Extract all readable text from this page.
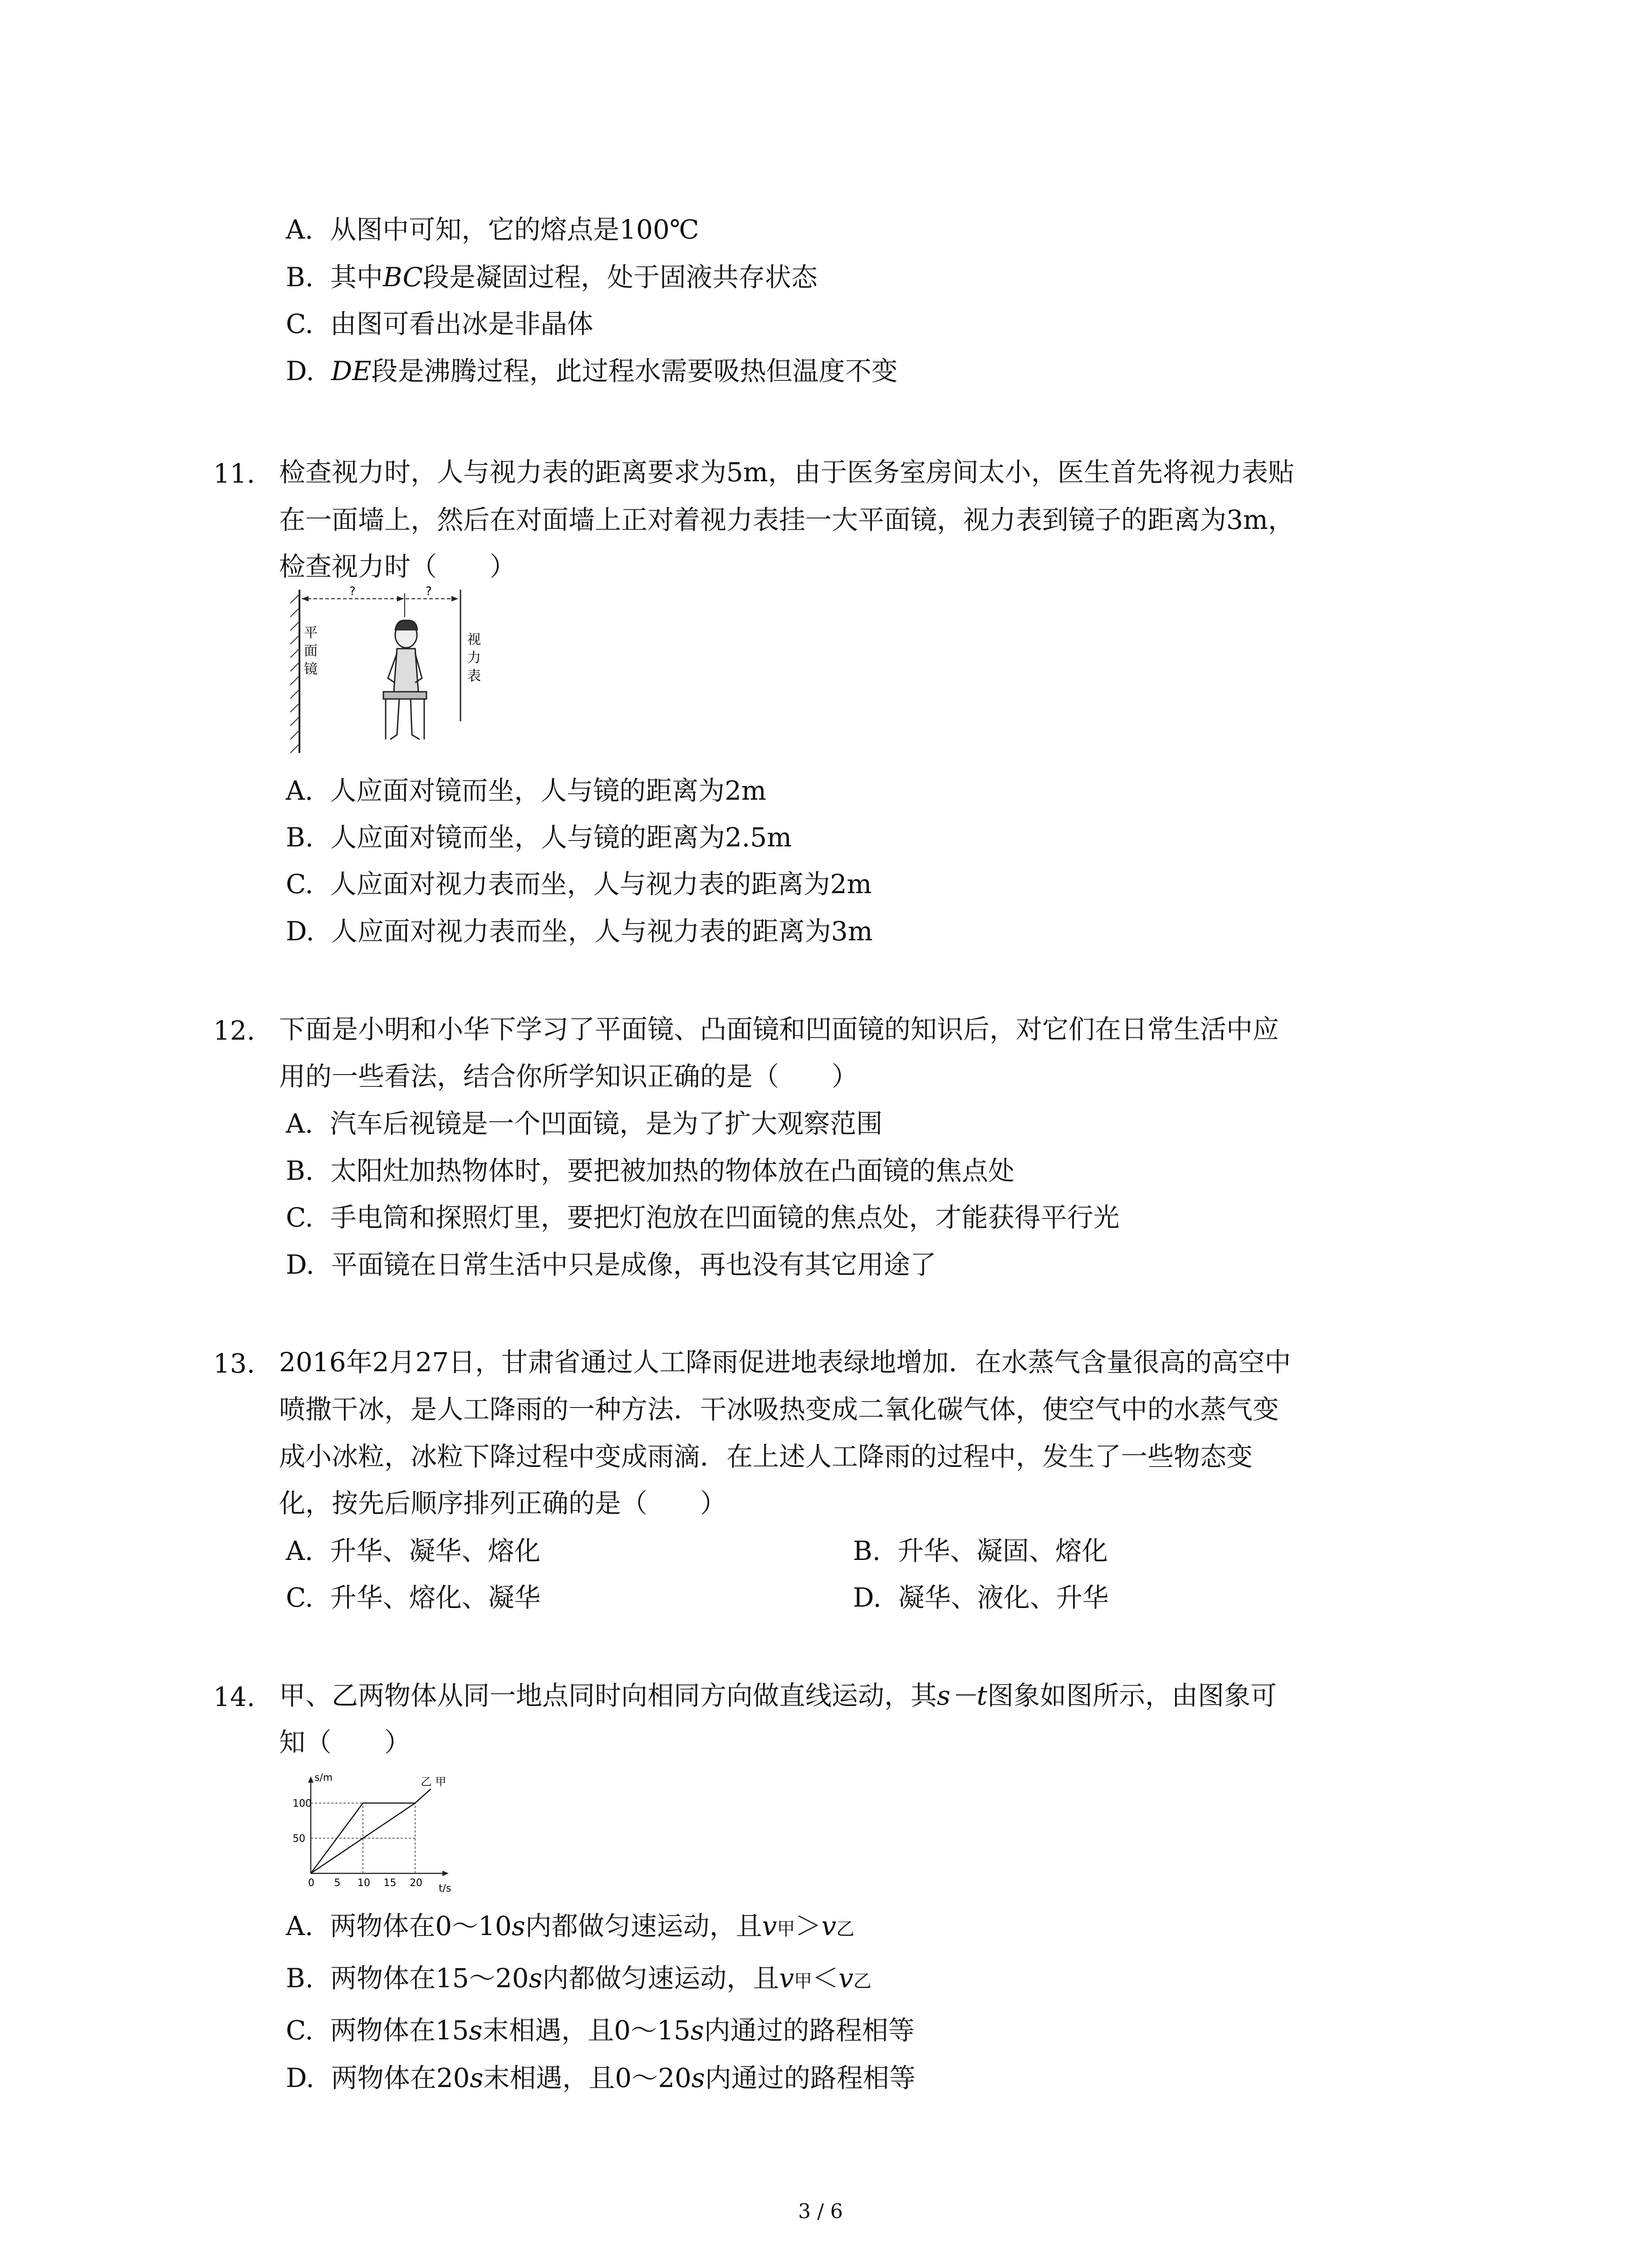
A. 从图中可知，它的熔点是100℃
B. 其中BC段是凝固过程，处于固液共存状态
C. 由图可看出冰是非晶体
D. DE段是沸腾过程，此过程水需要吸热但温度不变
11. 检查视力时，人与视力表的距离要求为5m，由于医务室房间太小，医生首先将视力表贴
在一面墙上，然后在对面墙上正对着视力表挂一大平面镜，视力表到镜子的距离为3m，
检查视力时（　　）
?	?
平
面
镜
视
力
表
A. 人应面对镜而坐，人与镜的距离为2m
B. 人应面对镜而坐，人与镜的距离为2.5m
C. 人应面对视力表而坐，人与视力表的距离为2m
D. 人应面对视力表而坐，人与视力表的距离为3m
12. 下面是小明和小华下学习了平面镜、凸面镜和凹面镜的知识后，对它们在日常生活中应
用的一些看法，结合你所学知识正确的是（　　）
A. 汽车后视镜是一个凹面镜，是为了扩大观察范围
B. 太阳灶加热物体时，要把被加热的物体放在凸面镜的焦点处
C. 手电筒和探照灯里，要把灯泡放在凹面镜的焦点处，才能获得平行光
D. 平面镜在日常生活中只是成像，再也没有其它用途了
13. 2016年2月27日，甘肃省通过人工降雨促进地表绿地增加．在水蒸气含量很高的高空中
喷撒干冰，是人工降雨的一种方法．干冰吸热变成二氧化碳气体，使空气中的水蒸气变
成小冰粒，冰粒下降过程中变成雨滴．在上述人工降雨的过程中，发生了一些物态变
化，按先后顺序排列正确的是（　　）
A. 升华、凝华、熔化	B. 升华、凝固、熔化
C. 升华、熔化、凝华	D. 凝华、液化、升华
14. 甲、乙两物体从同一地点同时向相同方向做直线运动，其s－t图象如图所示，由图象可
知（　　）
s/m
t/s
0 5 10 15 20
50
100
甲
乙
A. 两物体在0～10s内都做匀速运动，且v甲＞v乙
B. 两物体在15～20s内都做匀速运动，且v甲＜v乙
C. 两物体在15s末相遇，且0～15s内通过的路程相等
D. 两物体在20s末相遇，且0～20s内通过的路程相等
3 / 6
